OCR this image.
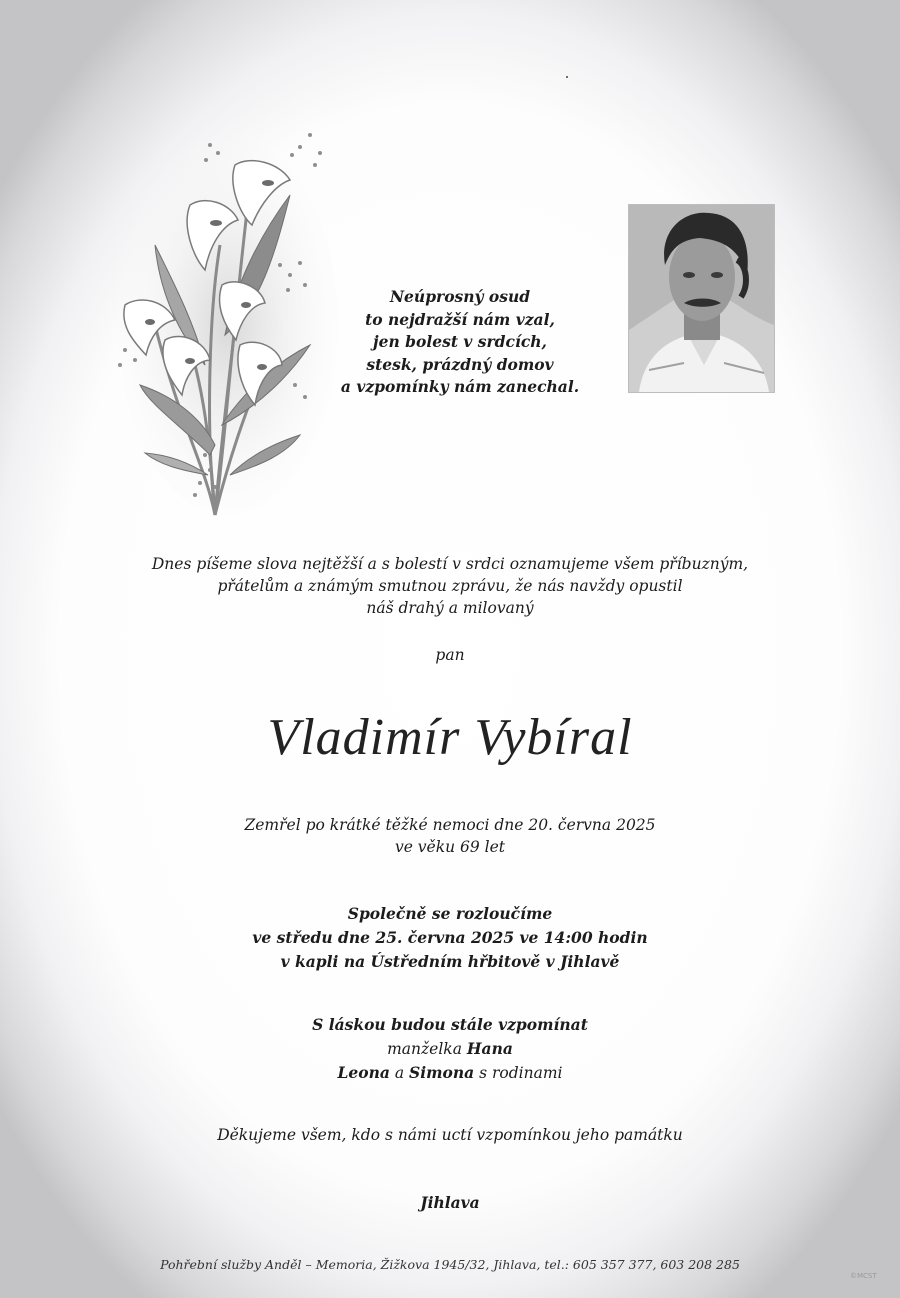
Neúprosný osud
to nejdražší nám vzal,
jen bolest v srdcích,
stesk, prázdný domov
a vzpomínky nám zanechal.
Dnes píšeme slova nejtěžší a s bolestí v srdci oznamujeme všem příbuzným,
přátelům a známým smutnou zprávu, že nás navždy opustil
náš drahý a milovaný
pan
Vladimír Vybíral
Zemřel po krátké těžké nemoci dne 20. června 2025
ve věku 69 let
Společně se rozloučíme
ve středu dne 25. června 2025 ve 14:00 hodin
v kapli na Ústředním hřbitově v Jihlavě
S láskou budou stále vzpomínat
manželka Hana
Leona a Simona s rodinami
Děkujeme všem, kdo s námi uctí vzpomínkou jeho památku
Jihlava
Pohřební služby Anděl – Memoria, Žižkova 1945/32, Jihlava, tel.: 605 357 377, 603 208 285
©MCST
